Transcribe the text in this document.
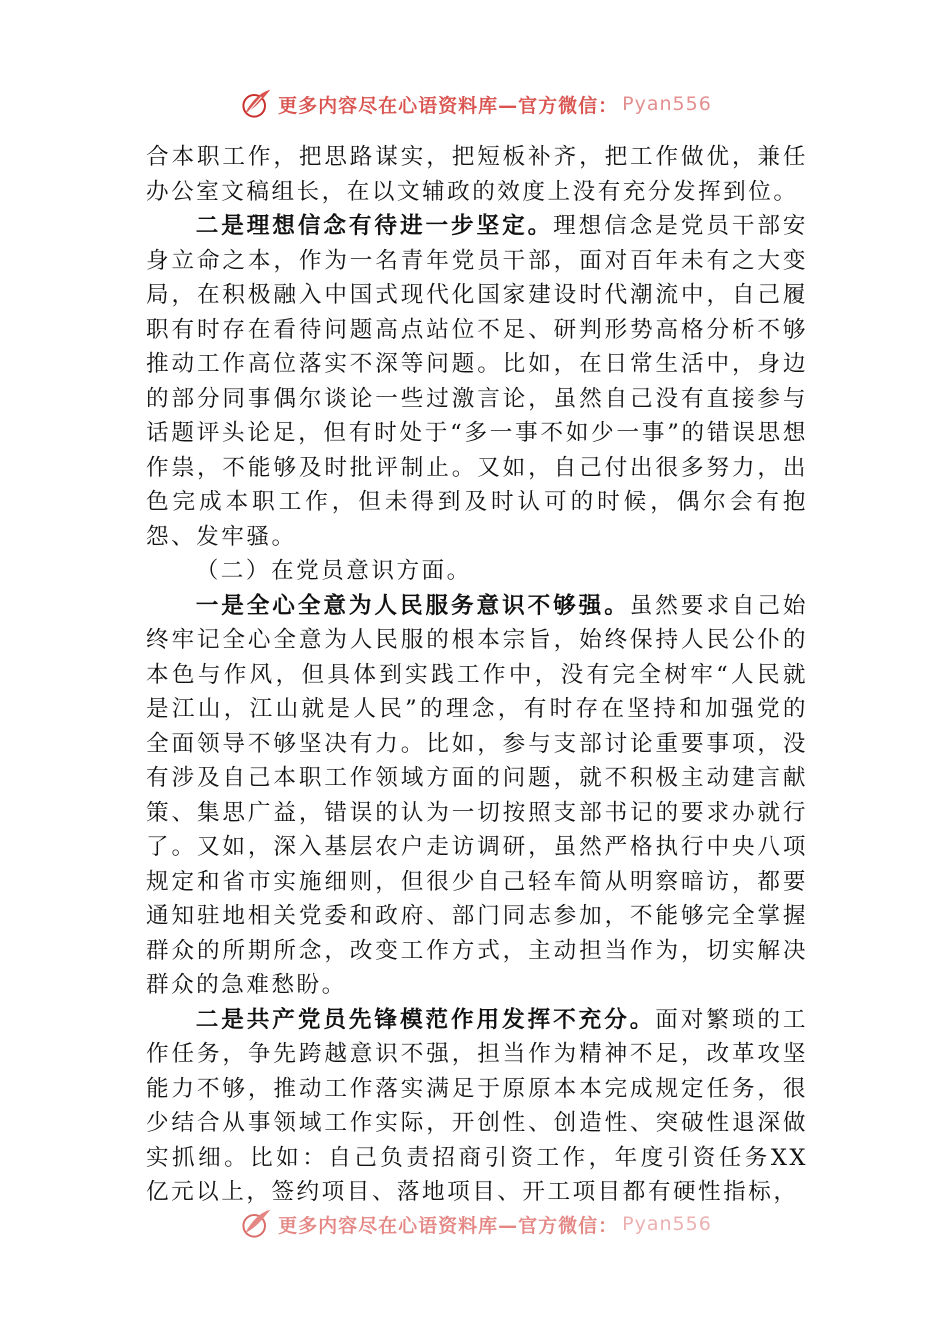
更多内容尽在心语资料库—官方微信： Pyan556

合本职工作，把思路谋实，把短板补齐，把工作做优，兼任办公室文稿组长，在以文辅政的效度上没有充分发挥到位。

二是理想信念有待进一步坚定。理想信念是党员干部安身立命之本，作为一名青年党员干部，面对百年未有之大变局，在积极融入中国式现代化国家建设时代潮流中，自己履职有时存在看待问题高点站位不足、研判形势高格分析不够推动工作高位落实不深等问题。比如，在日常生活中，身边的部分同事偶尔谈论一些过激言论，虽然自己没有直接参与话题评头论足，但有时处于“多一事不如少一事”的错误思想作祟，不能够及时批评制止。又如，自己付出很多努力，出色完成本职工作，但未得到及时认可的时候，偶尔会有抱怨、发牢骚。

（二）在党员意识方面。

一是全心全意为人民服务意识不够强。虽然要求自己始终牢记全心全意为人民服的根本宗旨，始终保持人民公仆的本色与作风，但具体到实践工作中，没有完全树牢“人民就是江山，江山就是人民”的理念，有时存在坚持和加强党的全面领导不够坚决有力。比如，参与支部讨论重要事项，没有涉及自己本职工作领域方面的问题，就不积极主动建言献策、集思广益，错误的认为一切按照支部书记的要求办就行了。又如，深入基层农户走访调研，虽然严格执行中央八项规定和省市实施细则，但很少自己轻车简从明察暗访，都要通知驻地相关党委和政府、部门同志参加，不能够完全掌握群众的所期所念，改变工作方式，主动担当作为，切实解决群众的急难愁盼。

二是共产党员先锋模范作用发挥不充分。面对繁琐的工作任务，争先跨越意识不强，担当作为精神不足，改革攻坚能力不够，推动工作落实满足于原原本本完成规定任务，很少结合从事领域工作实际，开创性、创造性、突破性退深做实抓细。比如：自己负责招商引资工作，年度引资任务XX亿元以上，签约项目、落地项目、开工项目都有硬性指标，

更多内容尽在心语资料库—官方微信： Pyan556
